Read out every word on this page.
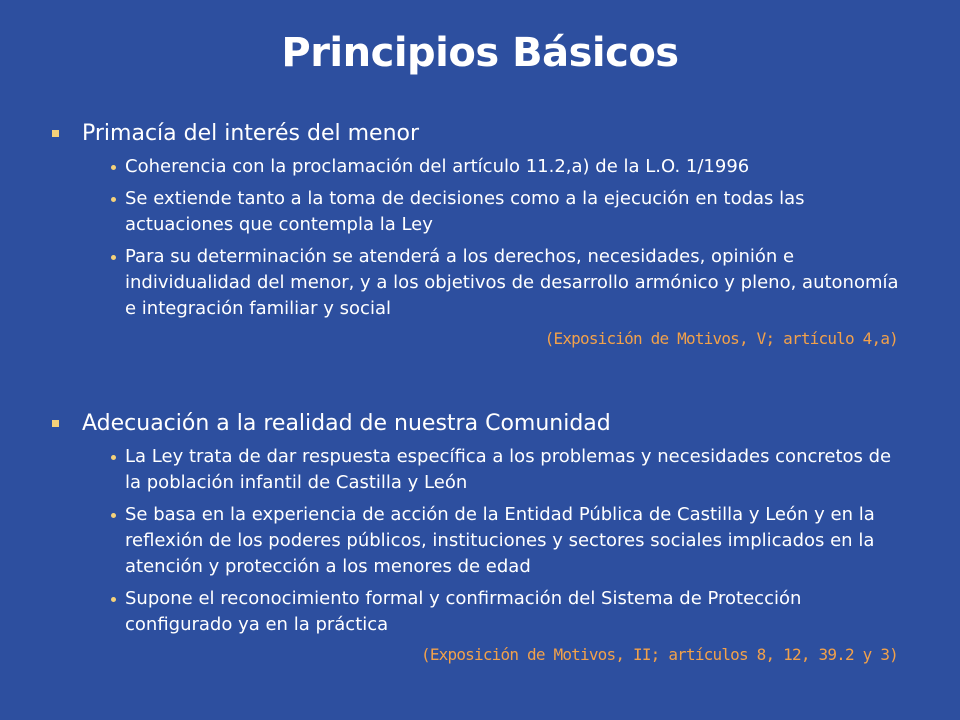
Principios Básicos
Primacía del interés del menor
Coherencia con la proclamación del artículo 11.2,a) de la L.O. 1/1996
Se extiende tanto a la toma de decisiones como a la ejecución en todas las actuaciones que contempla la Ley
Para su determinación se atenderá a los derechos, necesidades, opinión e individualidad del menor, y a los objetivos de desarrollo armónico y pleno, autonomía e integración familiar y social
(Exposición de Motivos, V; artículo 4,a)
Adecuación a la realidad de nuestra Comunidad
La Ley trata de dar respuesta específica a los problemas y necesidades concretos de la población infantil de Castilla y León
Se basa en la experiencia de acción de la Entidad Pública de Castilla y León y en la reflexión de los poderes públicos, instituciones y sectores sociales implicados en la atención y protección a los menores de edad
Supone el reconocimiento formal y confirmación del Sistema de Protección configurado ya en la práctica
(Exposición de Motivos, II; artículos 8, 12, 39.2 y 3)
